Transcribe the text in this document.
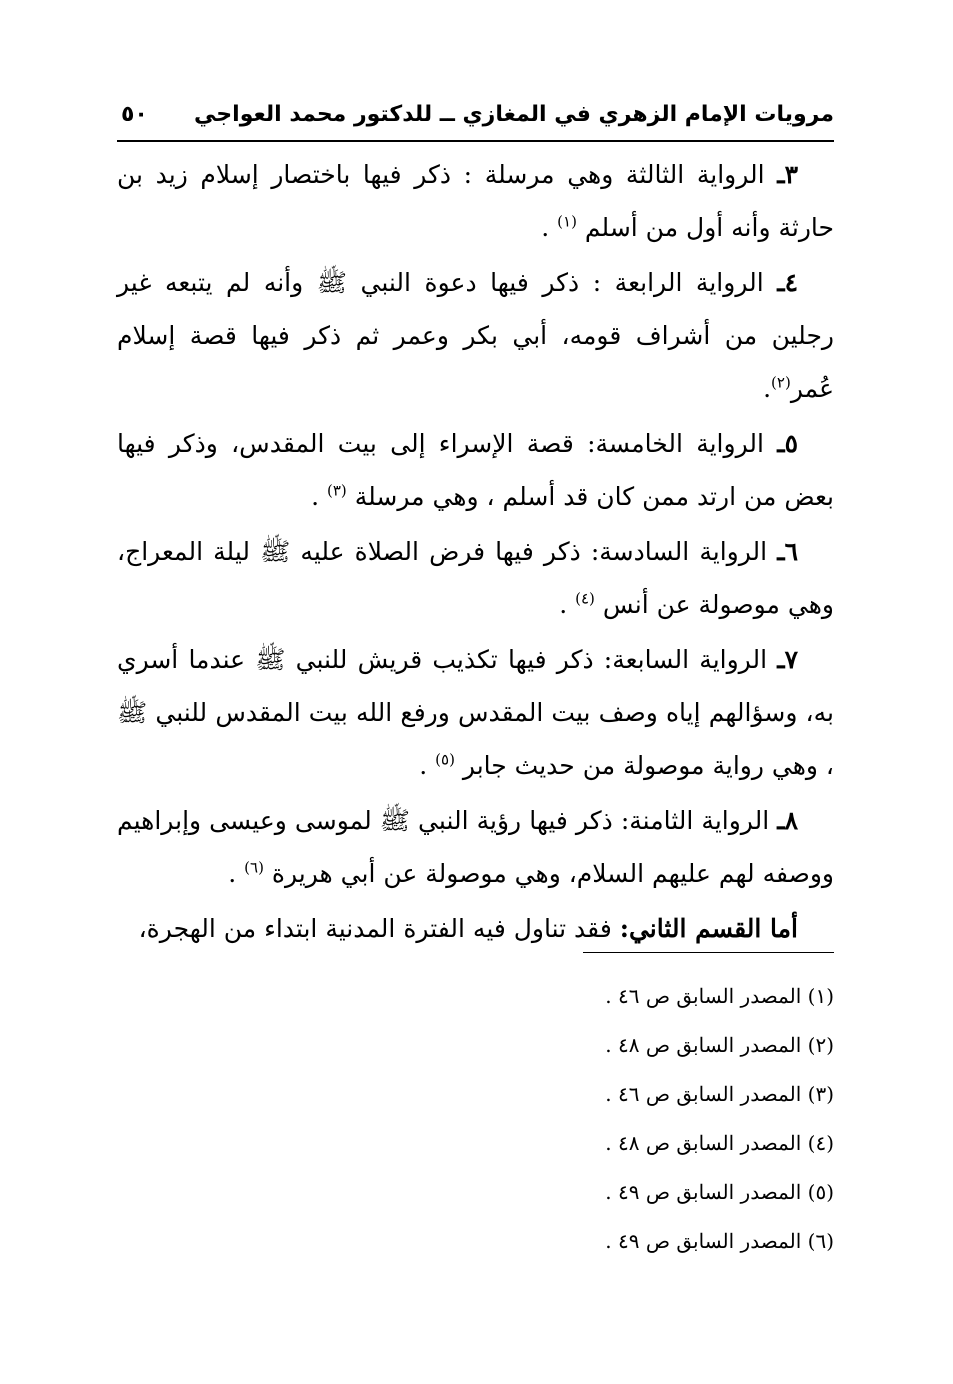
مرويات الإمام الزهري في المغازي ــ للدكتور محمد العواجي
٥٠

٣ـ الرواية الثالثة وهي مرسلة : ذكر فيها باختصار إسلام زيد بن حارثة وأنه أول من أسلم $^{(١)}$ .

٤ـ الرواية الرابعة : ذكر فيها دعوة النبي ﷺ وأنه لم يتبعه غير رجلين من أشراف قومه، أبي بكر وعمر ثم ذكر فيها قصة إسلام عُمر$^{(٢)}$.

٥ـ الرواية الخامسة: قصة الإسراء إلى بيت المقدس، وذكر فيها بعض من ارتد ممن كان قد أسلم ، وهي مرسلة $^{(٣)}$ .

٦ـ الرواية السادسة: ذكر فيها فرض الصلاة عليه ﷺ ليلة المعراج، وهي موصولة عن أنس $^{(٤)}$ .

٧ـ الرواية السابعة: ذكر فيها تكذيب قريش للنبي ﷺ عندما أسري به، وسؤالهم إياه وصف بيت المقدس ورفع الله بيت المقدس للنبي ﷺ ، وهي رواية موصولة من حديث جابر $^{(٥)}$ .

٨ـ الرواية الثامنة: ذكر فيها رؤية النبي ﷺ لموسى وعيسى وإبراهيم ووصفه لهم عليهم السلام، وهي موصولة عن أبي هريرة $^{(٦)}$ .

أما القسم الثاني: فقد تناول فيه الفترة المدنية ابتداء من الهجرة،

(١) المصدر السابق ص ٤٦ .

(٢) المصدر السابق ص ٤٨ .

(٣) المصدر السابق ص ٤٦ .

(٤) المصدر السابق ص ٤٨ .

(٥) المصدر السابق ص ٤٩ .

(٦) المصدر السابق ص ٤٩ .
